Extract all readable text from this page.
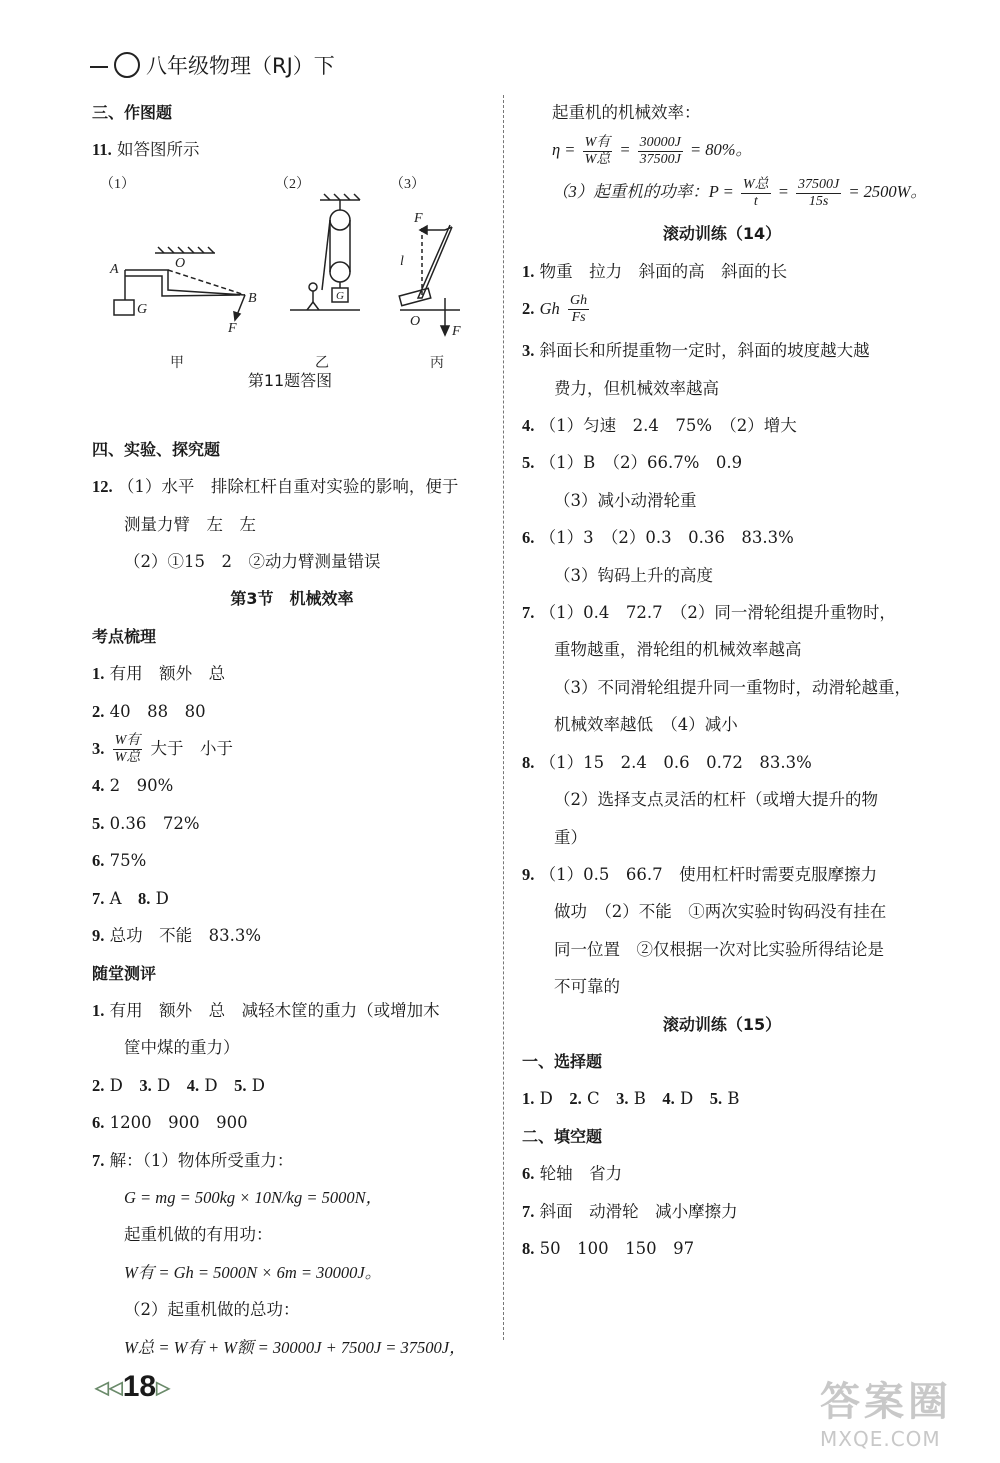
八年级物理（RJ）下
三、作图题
11. 如答图所示
四、实验、探究题
12. （1）水平　排除杠杆自重对实验的影响，便于
测量力臂　左　左
（2）①15　2　②动力臂测量错误
第3节　机械效率
考点梳理
1. 有用　额外　总
2. 40　88　80
3. $\frac{\text{W有}}{\text{W总}}$ 大于　小于
4. 2　90%
5. 0.36　72%
6. 75%
7. A　 8. D
9. 总功　不能　83.3%
随堂测评
1. 有用　额外　总　减轻木筐的重力（或增加木
筐中煤的重力）
2. D　 3. D　 4. D　 5. D
6. 1200　900　900
7. 解：（1）物体所受重力：
G = mg = 500kg × 10N/kg = 5000N，
起重机做的有用功：
W有 = Gh = 5000N × 6m = 30000J。
（2）起重机做的总功：
W总 = W有 + W额 = 30000J + 7500J = 37500J，
（1）	（2）	（3）
A	O
B
G
F
甲
G
乙
F
l
O
F
丙
第11题答图
起重机的机械效率：
$\eta = \frac{\text{W有}}{\text{W总}} = \frac{30000J}{37500J} = 80\%$。
（3）起重机的功率：$P = \frac{\text{W总}}{t} = \frac{37500J}{15s} = 2500W$。
滚动训练（14）
1. 物重　拉力　斜面的高　斜面的长
2. Gh $\frac{Gh}{Fs}$
3. 斜面长和所提重物一定时，斜面的坡度越大越
费力，但机械效率越高
4. （1）匀速　2.4　75%　（2）增大
5. （1）B　（2）66.7%　0.9
（3）减小动滑轮重
6. （1）3　（2）0.3　0.36　83.3%
（3）钩码上升的高度
7. （1）0.4　72.7　（2）同一滑轮组提升重物时，
重物越重，滑轮组的机械效率越高
（3）不同滑轮组提升同一重物时，动滑轮越重，
机械效率越低　（4）减小
8. （1）15　2.4　0.6　0.72　83.3%
（2）选择支点灵活的杠杆（或增大提升的物
重）
9. （1）0.5　66.7　使用杠杆时需要克服摩擦力
做功　（2）不能　①两次实验时钩码没有挂在
同一位置　②仅根据一次对比实验所得结论是
不可靠的
滚动训练（15）
一、选择题
1. D　 2. C　 3. B　 4. D　 5. B
二、填空题
6. 轮轴　省力
7. 斜面　动滑轮　减小摩擦力
8. 50　100　150　97
◁◁18▷	答案圈
MXQE.COM
